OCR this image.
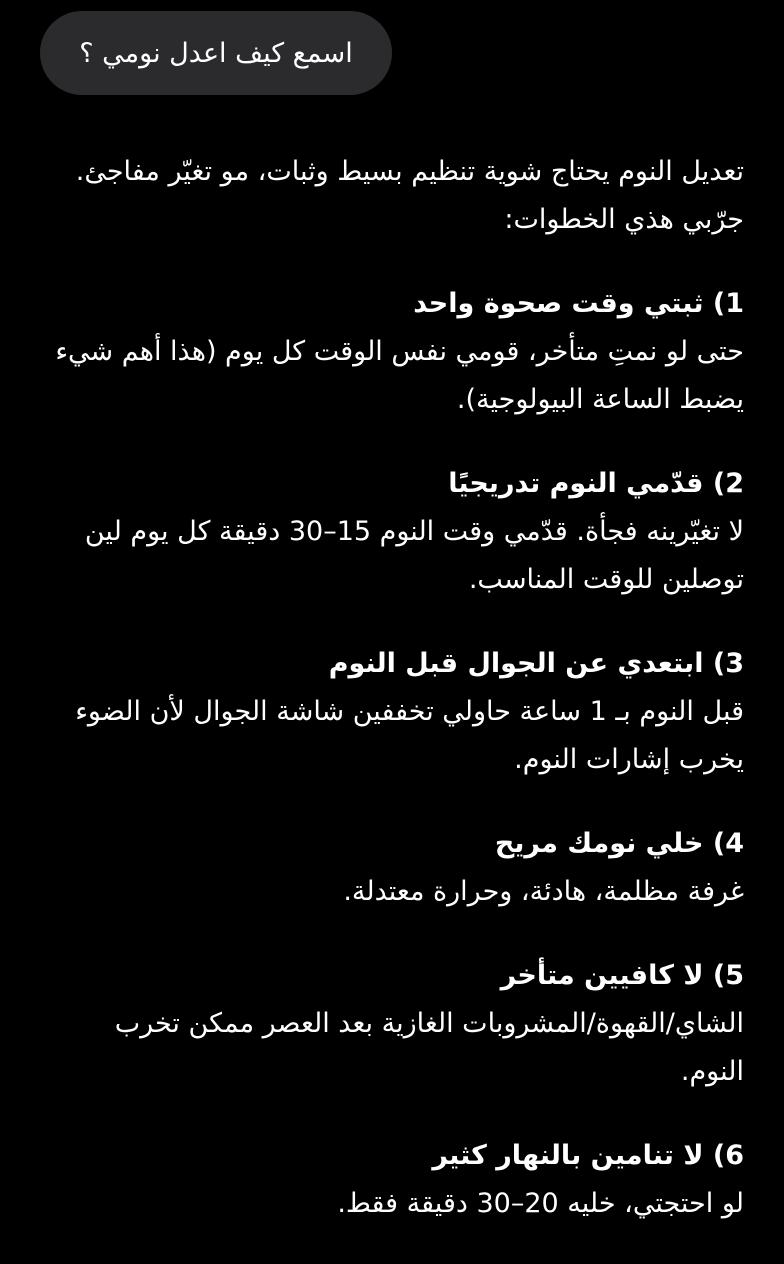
اسمع كيف اعدل نومي ؟

تعديل النوم يحتاج شوية تنظيم بسيط وثبات، مو تغيّر مفاجئ. جرّبي هذي الخطوات:

1) ثبتي وقت صحوة واحد
حتى لو نمتِ متأخر، قومي نفس الوقت كل يوم (هذا أهم شيء يضبط الساعة البيولوجية).
2) قدّمي النوم تدريجيًا
لا تغيّرينه فجأة. قدّمي وقت النوم 15–30 دقيقة كل يوم لين توصلين للوقت المناسب.
3) ابتعدي عن الجوال قبل النوم
قبل النوم بـ 1 ساعة حاولي تخففين شاشة الجوال لأن الضوء يخرب إشارات النوم.
4) خلي نومك مريح
غرفة مظلمة، هادئة، وحرارة معتدلة.
5) لا كافيين متأخر
الشاي/القهوة/المشروبات الغازية بعد العصر ممكن تخرب النوم.
6) لا تنامين بالنهار كثير
لو احتجتي، خليه 20–30 دقيقة فقط.
